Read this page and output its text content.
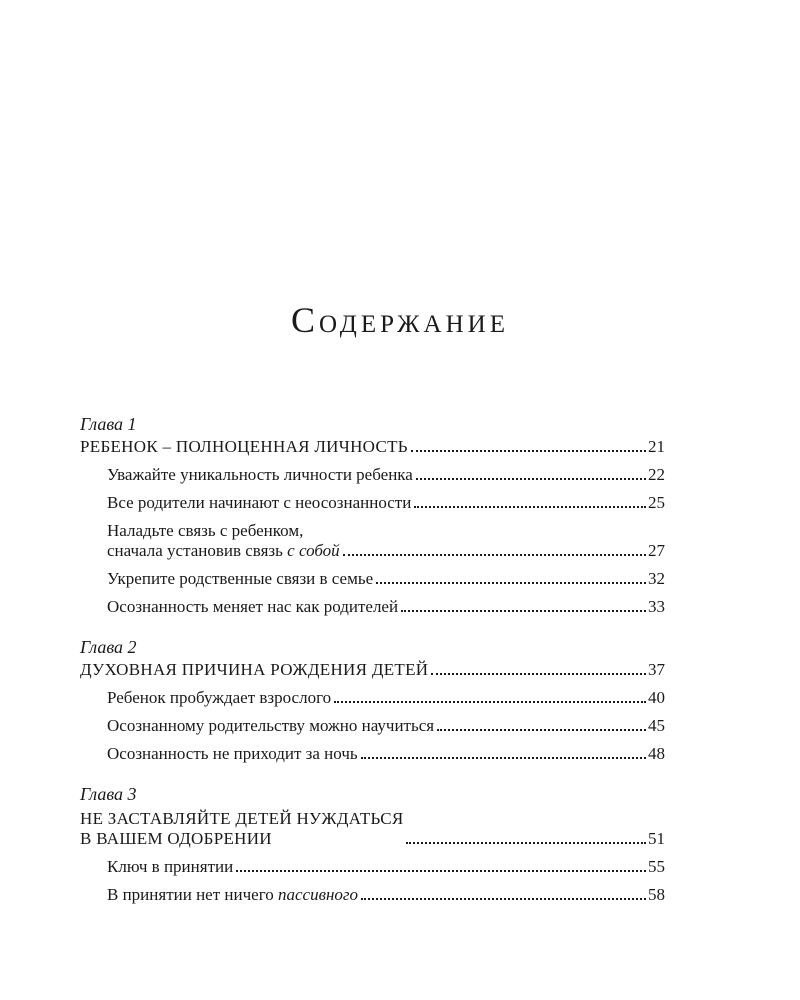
Содержание
Глава 1
РЕБЕНОК – ПОЛНОЦЕННАЯ ЛИЧНОСТЬ	21
Уважайте уникальность личности ребенка	22
Все родители начинают с неосознанности	25
Наладьте связь с ребенком,
сначала установив связь с собой	27
Укрепите родственные связи в семье	32
Осознанность меняет нас как родителей	33
Глава 2
ДУХОВНАЯ ПРИЧИНА РОЖДЕНИЯ ДЕТЕЙ	37
Ребенок пробуждает взрослого	40
Осознанному родительству можно научиться	45
Осознанность не приходит за ночь	48
Глава 3
НЕ ЗАСТАВЛЯЙТЕ ДЕТЕЙ НУЖДАТЬСЯ
В ВАШЕМ ОДОБРЕНИИ	51
Ключ в принятии	55
В принятии нет ничего пассивного	58
